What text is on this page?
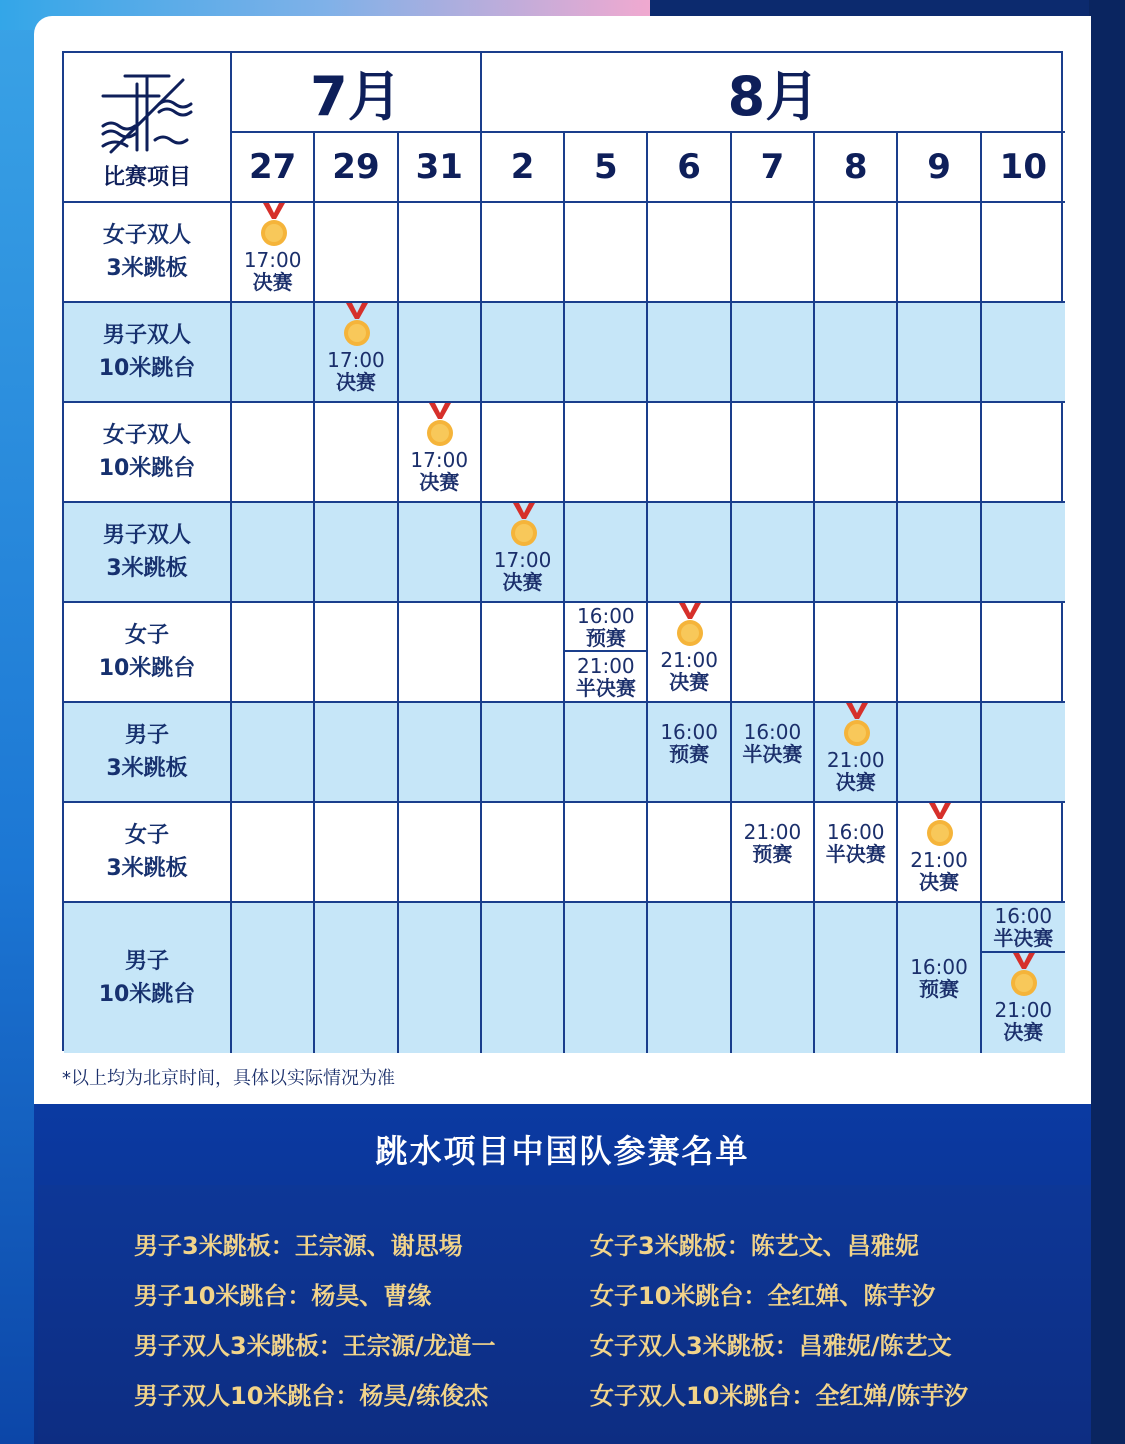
比赛项目
7月	8月
27 29 31 2 5 6 7 8 9 10
女子双人
3米跳板
男子双人
10米跳台
女子双人
10米跳台
男子双人
3米跳板
女子
10米跳台
男子
3米跳板
女子
3米跳板
男子
10米跳台
17:00
决赛
17:00
决赛
17:00
决赛
17:00
决赛
16:00
预赛
21:00
半决赛
21:00
决赛
16:00
预赛
16:00
半决赛 21:00
决赛
21:00
预赛
16:00
半决赛 21:00
决赛
16:00
预赛
16:00
半决赛
21:00
决赛
*以上均为北京时间，具体以实际情况为准
跳水项目中国队参赛名单
男子3米跳板：王宗源、谢思埸
男子10米跳台：杨昊、曹缘
男子双人3米跳板：王宗源/龙道一
男子双人10米跳台：杨昊/练俊杰
女子3米跳板：陈艺文、昌雅妮
女子10米跳台：全红婵、陈芋汐
女子双人3米跳板：昌雅妮/陈艺文
女子双人10米跳台：全红婵/陈芋汐
